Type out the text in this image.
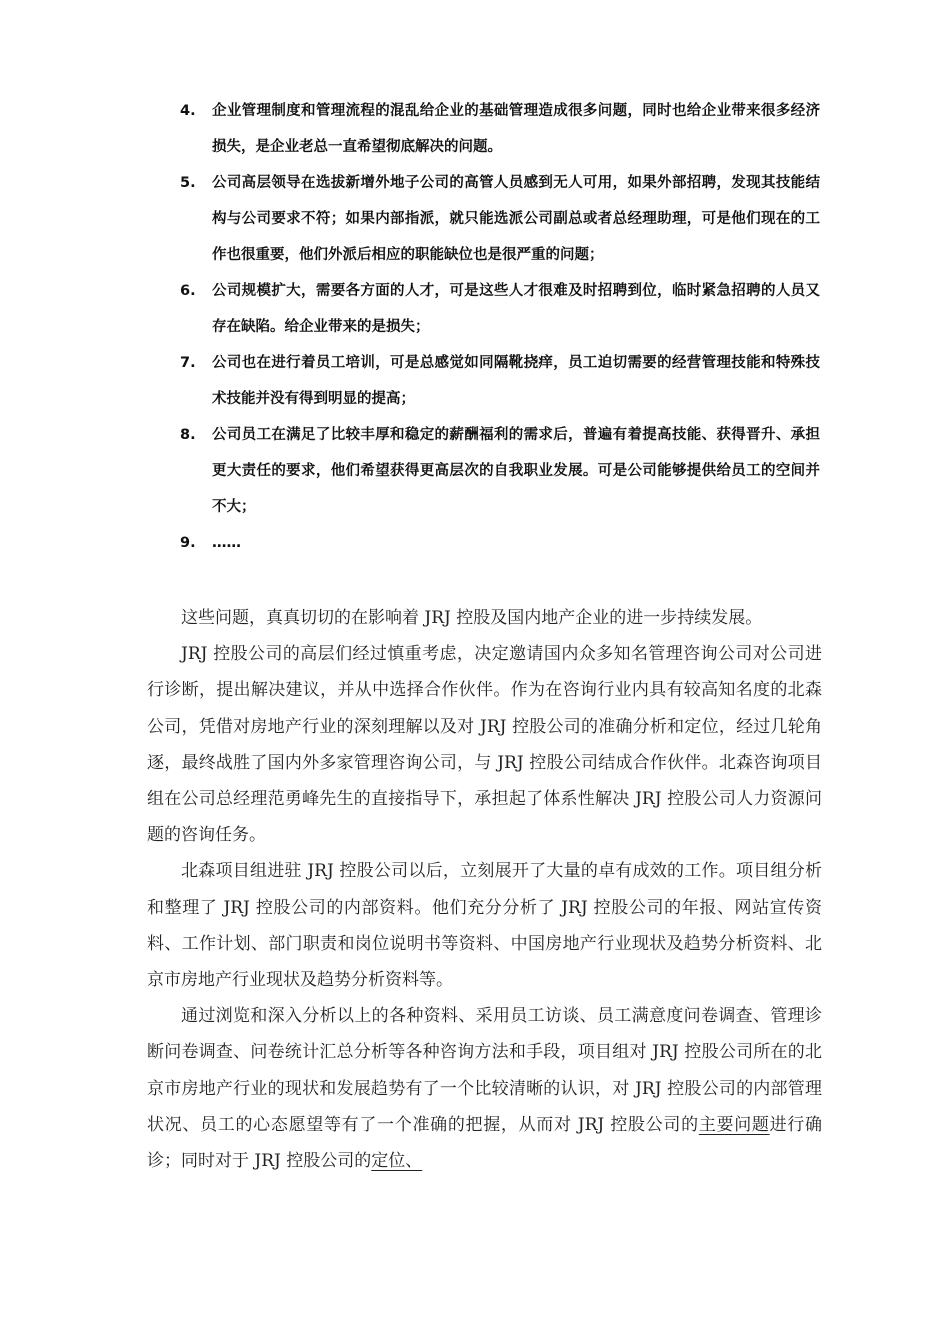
4. 企业管理制度和管理流程的混乱给企业的基础管理造成很多问题，同时也给企业带来很多经济损失，是企业老总一直希望彻底解决的问题。
5. 公司高层领导在选拔新增外地子公司的高管人员感到无人可用，如果外部招聘，发现其技能结构与公司要求不符；如果内部指派，就只能选派公司副总或者总经理助理，可是他们现在的工作也很重要，他们外派后相应的职能缺位也是很严重的问题；
6. 公司规模扩大，需要各方面的人才，可是这些人才很难及时招聘到位，临时紧急招聘的人员又存在缺陷。给企业带来的是损失；
7. 公司也在进行着员工培训，可是总感觉如同隔靴挠痒，员工迫切需要的经营管理技能和特殊技术技能并没有得到明显的提高；
8. 公司员工在满足了比较丰厚和稳定的薪酬福利的需求后，普遍有着提高技能、获得晋升、承担更大责任的要求，他们希望获得更高层次的自我职业发展。可是公司能够提供给员工的空间并不大；
9. ……

这些问题，真真切切的在影响着 JRJ 控股及国内地产企业的进一步持续发展。

JRJ 控股公司的高层们经过慎重考虑，决定邀请国内众多知名管理咨询公司对公司进行诊断，提出解决建议，并从中选择合作伙伴。作为在咨询行业内具有较高知名度的北森公司，凭借对房地产行业的深刻理解以及对 JRJ 控股公司的准确分析和定位，经过几轮角逐，最终战胜了国内外多家管理咨询公司，与 JRJ 控股公司结成合作伙伴。北森咨询项目组在公司总经理范勇峰先生的直接指导下，承担起了体系性解决 JRJ 控股公司人力资源问题的咨询任务。

北森项目组进驻 JRJ 控股公司以后，立刻展开了大量的卓有成效的工作。项目组分析和整理了 JRJ 控股公司的内部资料。他们充分分析了 JRJ 控股公司的年报、网站宣传资料、工作计划、部门职责和岗位说明书等资料、中国房地产行业现状及趋势分析资料、北京市房地产行业现状及趋势分析资料等。

通过浏览和深入分析以上的各种资料、采用员工访谈、员工满意度问卷调查、管理诊断问卷调查、问卷统计汇总分析等各种咨询方法和手段，项目组对 JRJ 控股公司所在的北京市房地产行业的现状和发展趋势有了一个比较清晰的认识，对 JRJ 控股公司的内部管理状况、员工的心态愿望等有了一个准确的把握，从而对 JRJ 控股公司的主要问题进行确诊；同时对于 JRJ 控股公司的定位、
